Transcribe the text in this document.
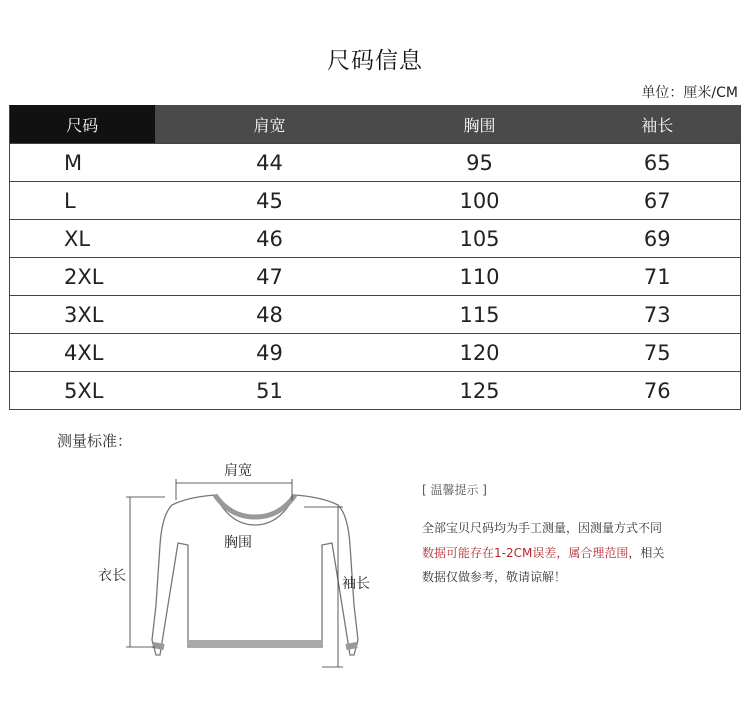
尺码信息
单位：厘米/CM
尺码	肩宽	胸围	袖长
M	44	95	65
L	45	100	67
XL	46	105	69
2XL	47	110	71
3XL	48	115	73
4XL	49	120	75
5XL	51	125	76
测量标准：
肩宽
胸围
衣长	袖长
[ 温馨提示 ]
全部宝贝尺码均为手工测量，因测量方式不同
数据可能存在1-2CM误差，属合理范围，相关
数据仅做参考，敬请谅解！
